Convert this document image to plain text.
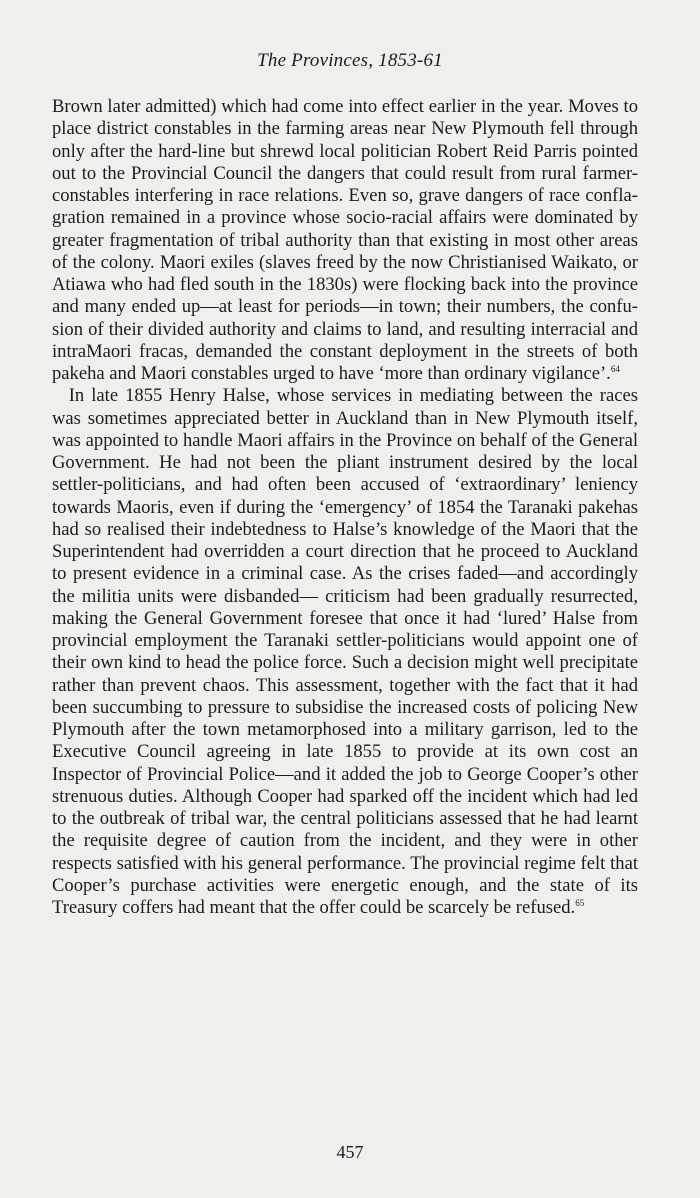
The Provinces, 1853-61

Brown later admitted) which had come into effect earlier in the year. Moves to place district constables in the farming areas near New Plymouth fell through only after the hard-line but shrewd local politician Robert Reid Parris pointed out to the Provincial Council the dangers that could result from rural farmer-constables interfering in race relations. Even so, grave dangers of race conflagration remained in a province whose socio-racial affairs were dominated by greater fragmentation of tribal authority than that existing in most other areas of the colony. Maori exiles (slaves freed by the now Christianised Waikato, or Atiawa who had fled south in the 1830s) were flocking back into the province and many ended up—at least for periods—in town; their numbers, the confusion of their divided authority and claims to land, and resulting interracial and intraMaori fracas, demanded the constant deployment in the streets of both pakeha and Maori constables urged to have ‘more than ordinary vigilance’.$^{64}$

In late 1855 Henry Halse, whose services in mediating between the races was sometimes appreciated better in Auckland than in New Plymouth itself, was appointed to handle Maori affairs in the Province on behalf of the General Government. He had not been the pliant instrument desired by the local settler-politicians, and had often been accused of ‘extraordinary’ leniency towards Maoris, even if during the ‘emergency’ of 1854 the Taranaki pakehas had so realised their indebtedness to Halse’s knowledge of the Maori that the Superintendent had overridden a court direction that he proceed to Auckland to present evidence in a criminal case. As the crises faded—and accordingly the militia units were disbanded— criticism had been gradually resurrected, making the General Government foresee that once it had ‘lured’ Halse from provincial employment the Taranaki settler-politicians would appoint one of their own kind to head the police force. Such a decision might well precipitate rather than prevent chaos. This assessment, together with the fact that it had been succumbing to pressure to subsidise the increased costs of policing New Plymouth after the town metamorphosed into a military garrison, led to the Executive Council agreeing in late 1855 to provide at its own cost an Inspector of Provincial Police—and it added the job to George Cooper’s other strenuous duties. Although Cooper had sparked off the incident which had led to the outbreak of tribal war, the central politicians assessed that he had learnt the requisite degree of caution from the incident, and they were in other respects satisfied with his general performance. The provincial regime felt that Cooper’s purchase activities were energetic enough, and the state of its Treasury coffers had meant that the offer could be scarcely be refused.$^{65}$

457
